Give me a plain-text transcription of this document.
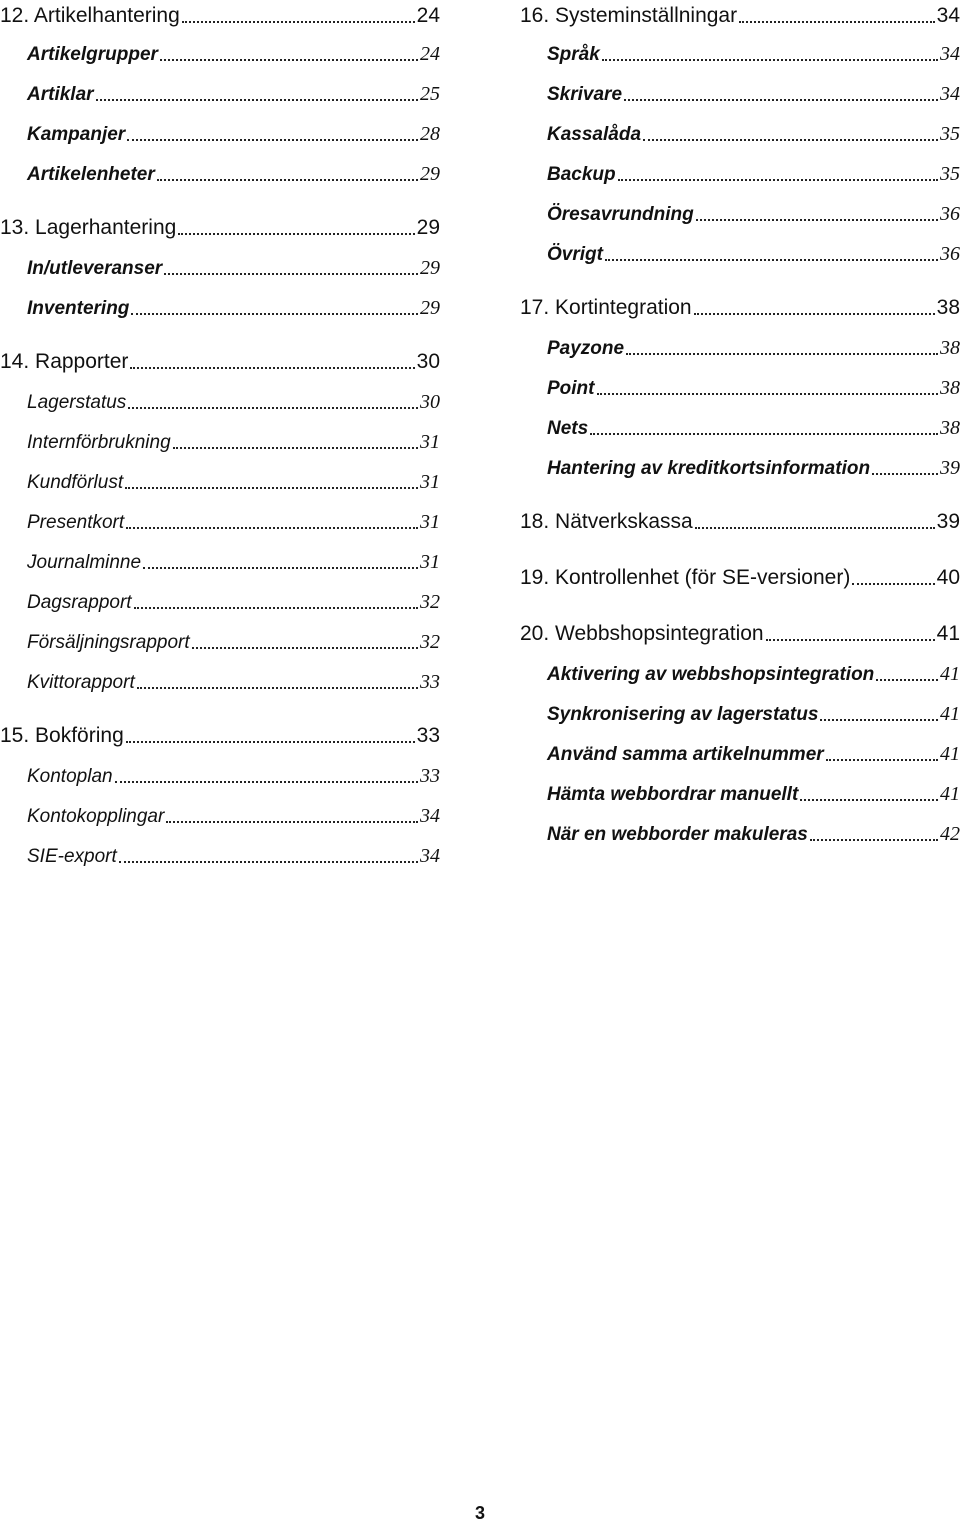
12. Artikelhantering	24
Artikelgrupper	24
Artiklar	25
Kampanjer	28
Artikelenheter	29
13. Lagerhantering	29
In/utleveranser	29
Inventering	29
14. Rapporter	30
Lagerstatus	30
Internförbrukning	31
Kundförlust	31
Presentkort	31
Journalminne	31
Dagsrapport	32
Försäljningsrapport	32
Kvittorapport	33
15. Bokföring	33
Kontoplan	33
Kontokopplingar	34
SIE-export	34
16. Systeminställningar	34
Språk	34
Skrivare	34
Kassalåda	35
Backup	35
Öresavrundning	36
Övrigt	36
17. Kortintegration	38
Payzone	38
Point	38
Nets	38
Hantering av kreditkortsinformation	39
18. Nätverkskassa	39
19. Kontrollenhet (för SE-versioner)	40
20. Webbshopsintegration	41
Aktivering av webbshopsintegration	41
Synkronisering av lagerstatus	41
Använd samma artikelnummer	41
Hämta webbordrar manuellt	41
När en webborder makuleras	42
3
